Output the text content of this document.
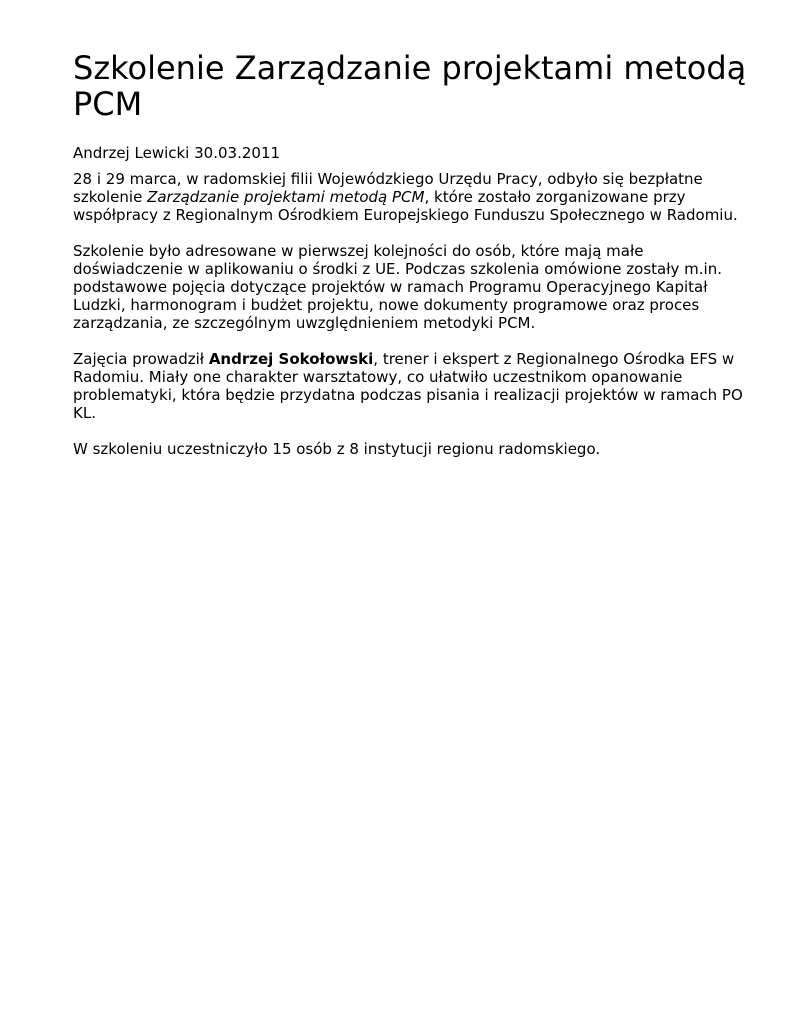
Szkolenie Zarządzanie projektami metodą PCM
Andrzej Lewicki 30.03.2011

28 i 29 marca, w radomskiej filii Wojewódzkiego Urzędu Pracy, odbyło się bezpłatne szkolenie Zarządzanie projektami metodą PCM, które zostało zorganizowane przy współpracy z Regionalnym Ośrodkiem Europejskiego Funduszu Społecznego w Radomiu.

Szkolenie było adresowane w pierwszej kolejności do osób, które mają małe doświadczenie w aplikowaniu o środki z UE. Podczas szkolenia omówione zostały m.in. podstawowe pojęcia dotyczące projektów w ramach Programu Operacyjnego Kapitał Ludzki, harmonogram i budżet projektu, nowe dokumenty programowe oraz proces zarządzania, ze szczególnym uwzględnieniem metodyki PCM.

Zajęcia prowadził Andrzej Sokołowski, trener i ekspert z Regionalnego Ośrodka EFS w Radomiu. Miały one charakter warsztatowy, co ułatwiło uczestnikom opanowanie problematyki, która będzie przydatna podczas pisania i realizacji projektów w ramach PO KL.

W szkoleniu uczestniczyło 15 osób z 8 instytucji regionu radomskiego.
